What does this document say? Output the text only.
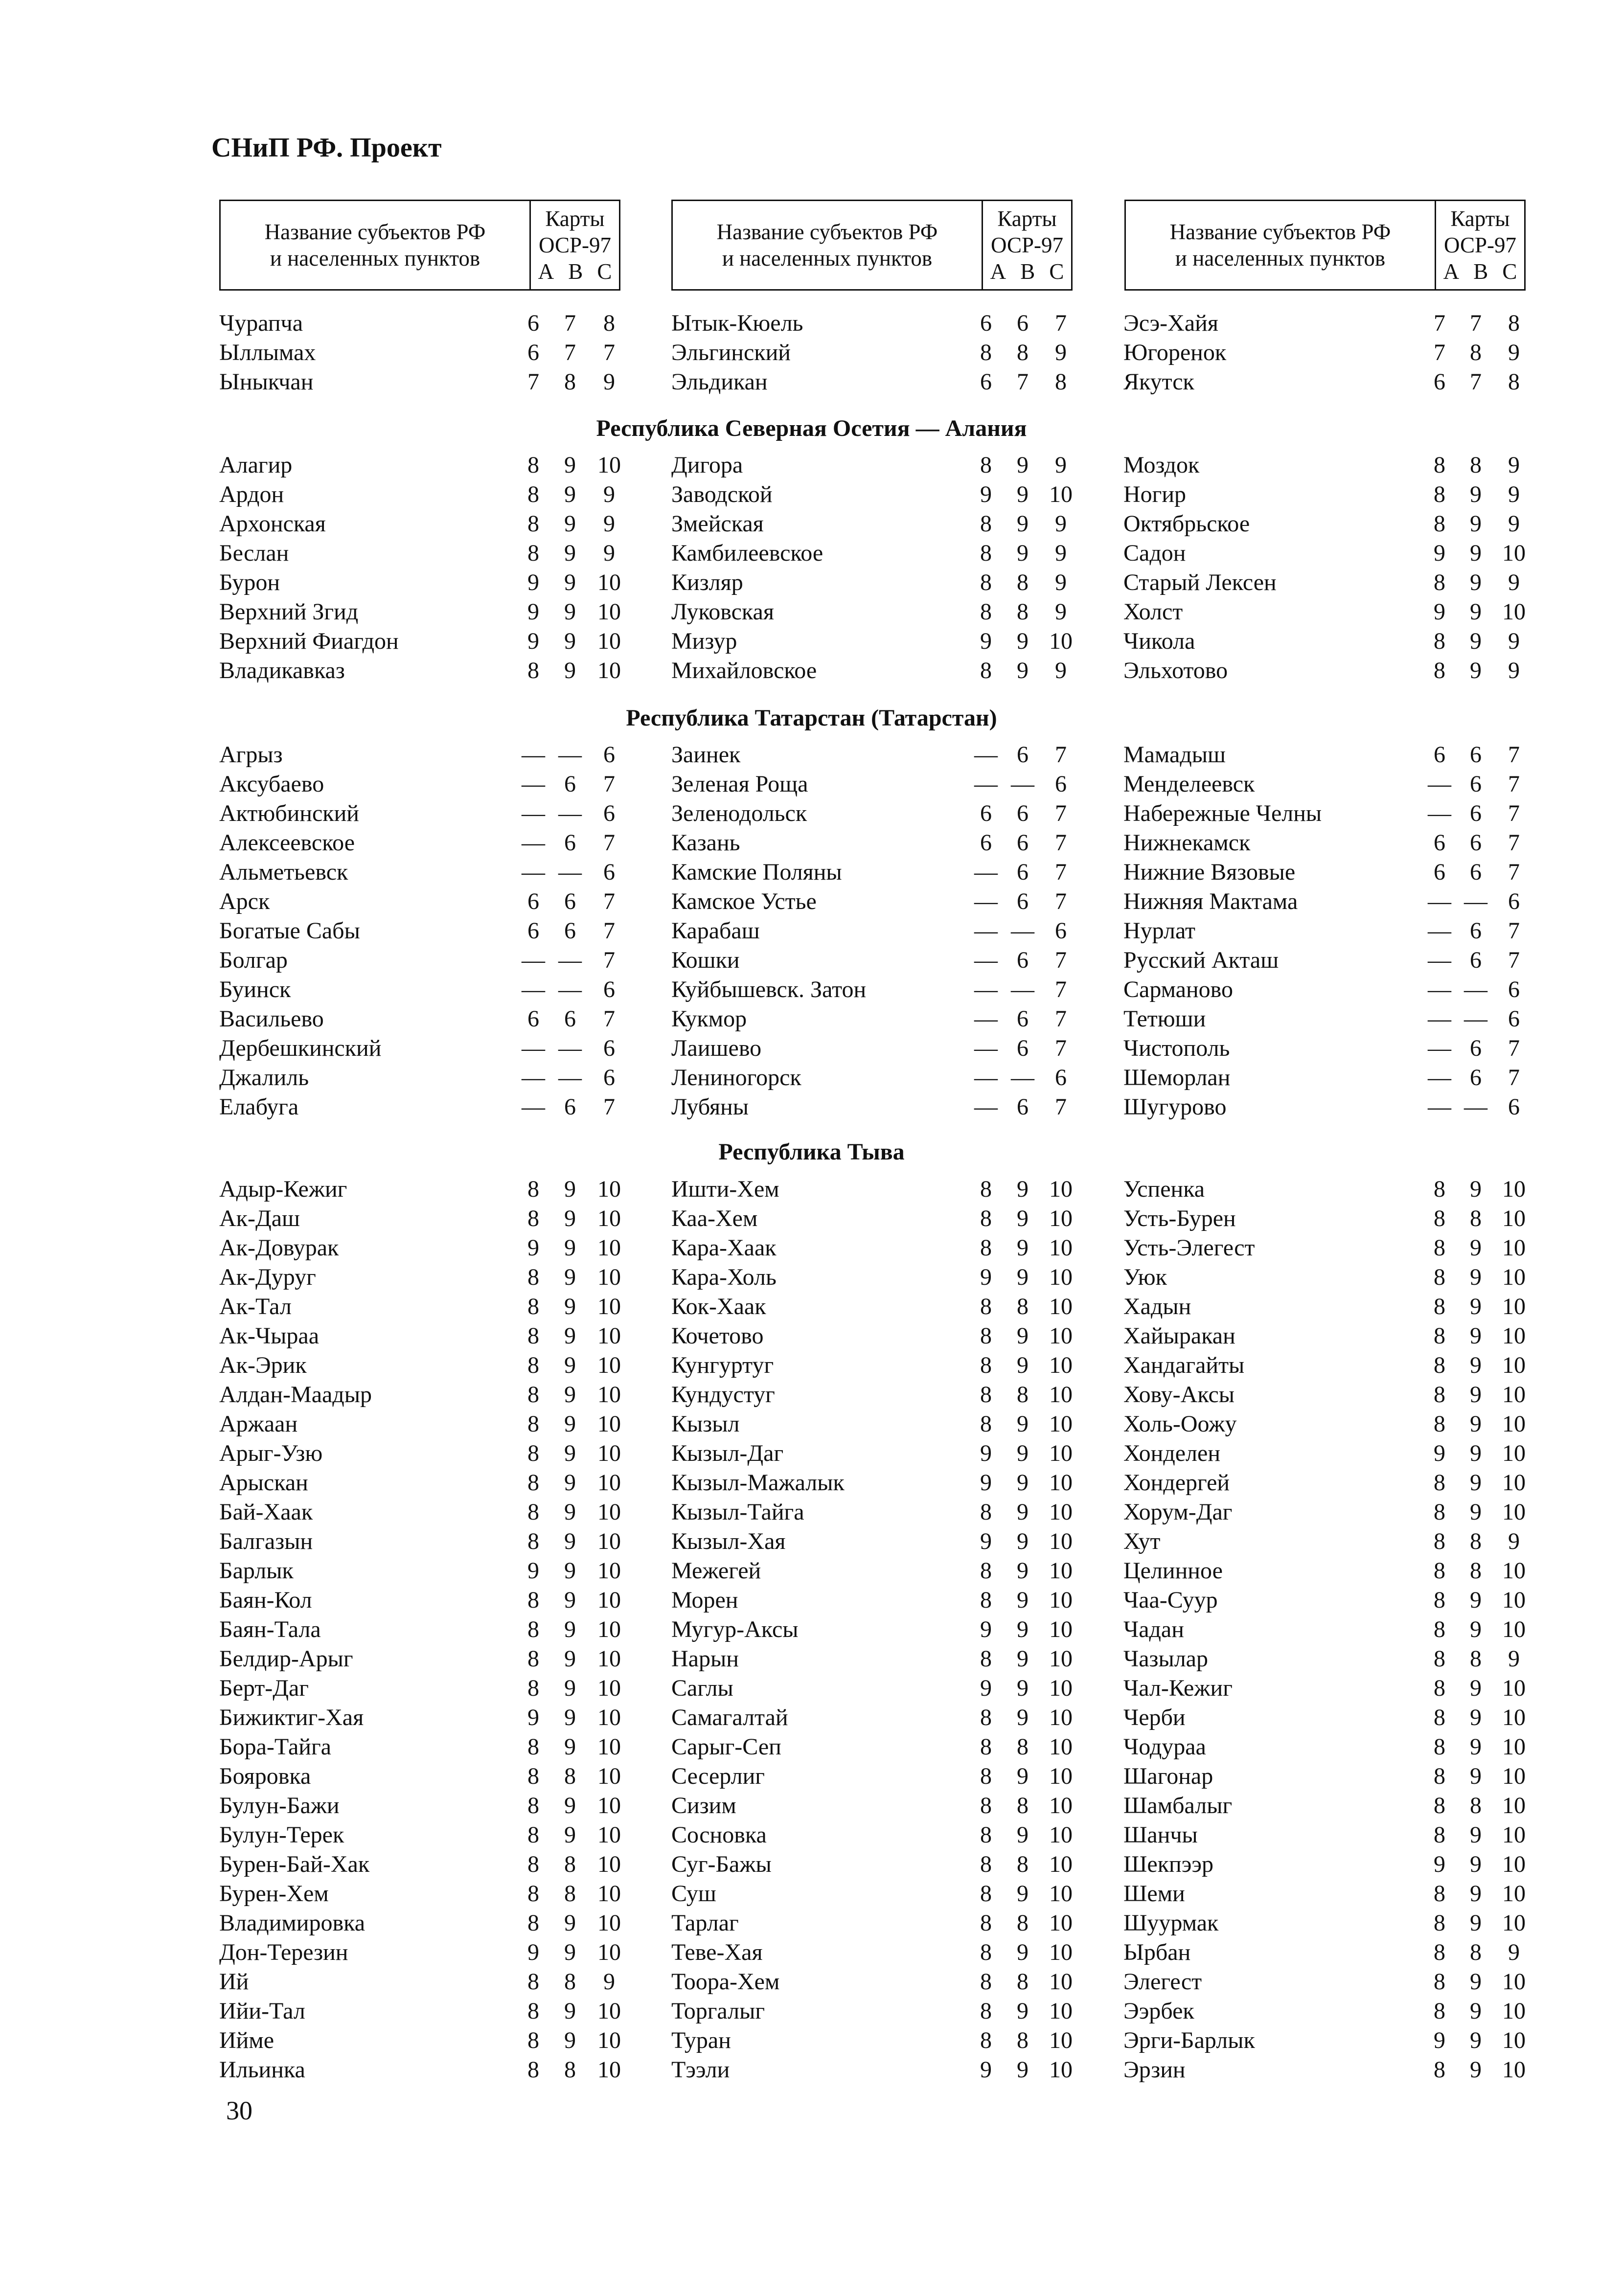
СНиП РФ. Проект
Название субъектов РФ
и населенных пунктов
Карты
ОСР-97
A B C
Название субъектов РФ
и населенных пунктов
Карты
ОСР-97
A B C
Название субъектов РФ
и населенных пунктов
Карты
ОСР-97
A B C
Чурапча	6	7	8
Ыллымах	6	7	7
Ыныкчан	7	8	9
Ытык-Кюель	6	6	7
Эльгинский	8	8	9
Эльдикан	6	7	8
Эсэ-Хайя	7	7	8
Югоренок	7	8	9
Якутск	6	7	8
Республика Северная Осетия — Алания
Алагир	8	9 10
Ардон	8	9	9
Архонская	8	9	9
Беслан	8	9	9
Бурон	9	9 10
Верхний Згид	9	9 10
Верхний Фиагдон	9	9 10
Владикавказ	8	9 10
Дигора	8	9	9
Заводской	9	9 10
Змейская	8	9	9
Камбилеевское	8	9	9
Кизляр	8	8	9
Луковская	8	8	9
Мизур	9	9 10
Михайловское	8	9	9
Моздок	8	8	9
Ногир	8	9	9
Октябрьское	8	9	9
Садон	9	9 10
Старый Лексен	8	9	9
Холст	9	9 10
Чикола	8	9	9
Эльхотово	8	9	9
Республика Татарстан (Татарстан)
Агрыз	— — 6
Аксубаево	— 6	7
Актюбинский	— — 6
Алексеевское	— 6	7
Альметьевск	— — 6
Арск	6	6	7
Богатые Сабы	6	6	7
Болгар	— — 7
Буинск	— — 6
Васильево	6	6	7
Дербешкинский	— — 6
Джалиль	— — 6
Елабуга	— 6	7
Заинек	— 6	7
Зеленая Роща	— — 6
Зеленодольск	6	6	7
Казань	6	6	7
Камские Поляны	— 6	7
Камское Устье	— 6	7
Карабаш	— — 6
Кошки	— 6	7
Куйбышевск. Затон	— — 7
Кукмор	— 6	7
Лаишево	— 6	7
Лениногорск	— — 6
Лубяны	— 6	7
Мамадыш	6	6	7
Менделеевск	— 6	7
Набережные Челны	— 6	7
Нижнекамск	6	6	7
Нижние Вязовые	6	6	7
Нижняя Мактама	— — 6
Нурлат	— 6	7
Русский Акташ	— 6	7
Сарманово	— — 6
Тетюши	— — 6
Чистополь	— 6	7
Шеморлан	— 6	7
Шугурово	— — 6
Республика Тыва
Адыр-Кежиг	8	9 10
Ак-Даш	8	9 10
Ак-Довурак	9	9 10
Ак-Дуруг	8	9 10
Ак-Тал	8	9 10
Ак-Чыраа	8	9 10
Ак-Эрик	8	9 10
Алдан-Маадыр	8	9 10
Аржаан	8	9 10
Арыг-Узю	8	9 10
Арыскан	8	9 10
Бай-Хаак	8	9 10
Балгазын	8	9 10
Барлык	9	9 10
Баян-Кол	8	9 10
Баян-Тала	8	9 10
Белдир-Арыг	8	9 10
Берт-Даг	8	9 10
Бижиктиг-Хая	9	9 10
Бора-Тайга	8	9 10
Бояровка	8	8 10
Булун-Бажи	8	9 10
Булун-Терек	8	9 10
Бурен-Бай-Хак	8	8 10
Бурен-Хем	8	8 10
Владимировка	8	9 10
Дон-Терезин	9	9 10
Ий	8	8	9
Ийи-Тал	8	9 10
Ийме	8	9 10
Ильинка	8	8 10
Ишти-Хем	8	9 10
Каа-Хем	8	9 10
Кара-Хаак	8	9 10
Кара-Холь	9	9 10
Кок-Хаак	8	8 10
Кочетово	8	9 10
Кунгуртуг	8	9 10
Кундустуг	8	8 10
Кызыл	8	9 10
Кызыл-Даг	9	9 10
Кызыл-Мажалык	9	9 10
Кызыл-Тайга	8	9 10
Кызыл-Хая	9	9 10
Межегей	8	9 10
Морен	8	9 10
Мугур-Аксы	9	9 10
Нарын	8	9 10
Саглы	9	9 10
Самагалтай	8	9 10
Сарыг-Сеп	8	8 10
Сесерлиг	8	9 10
Сизим	8	8 10
Сосновка	8	9 10
Суг-Бажы	8	8 10
Суш	8	9 10
Тарлаг	8	8 10
Теве-Хая	8	9 10
Тоора-Хем	8	8 10
Торгалыг	8	9 10
Туран	8	8 10
Тээли	9	9 10
Успенка	8	9 10
Усть-Бурен	8	8 10
Усть-Элегест	8	9 10
Уюк	8	9 10
Хадын	8	9 10
Хайыракан	8	9 10
Хандагайты	8	9 10
Хову-Аксы	8	9 10
Холь-Оожу	8	9 10
Хонделен	9	9 10
Хондергей	8	9 10
Хорум-Даг	8	9 10
Хут	8	8	9
Целинное	8	8 10
Чаа-Суур	8	9 10
Чадан	8	9 10
Чазылар	8	8	9
Чал-Кежиг	8	9 10
Черби	8	9 10
Чодураа	8	9 10
Шагонар	8	9 10
Шамбалыг	8	8 10
Шанчы	8	9 10
Шекпээр	9	9 10
Шеми	8	9 10
Шуурмак	8	9 10
Ырбан	8	8	9
Элегест	8	9 10
Ээрбек	8	9 10
Эрги-Барлык	9	9 10
Эрзин	8	9 10
30
